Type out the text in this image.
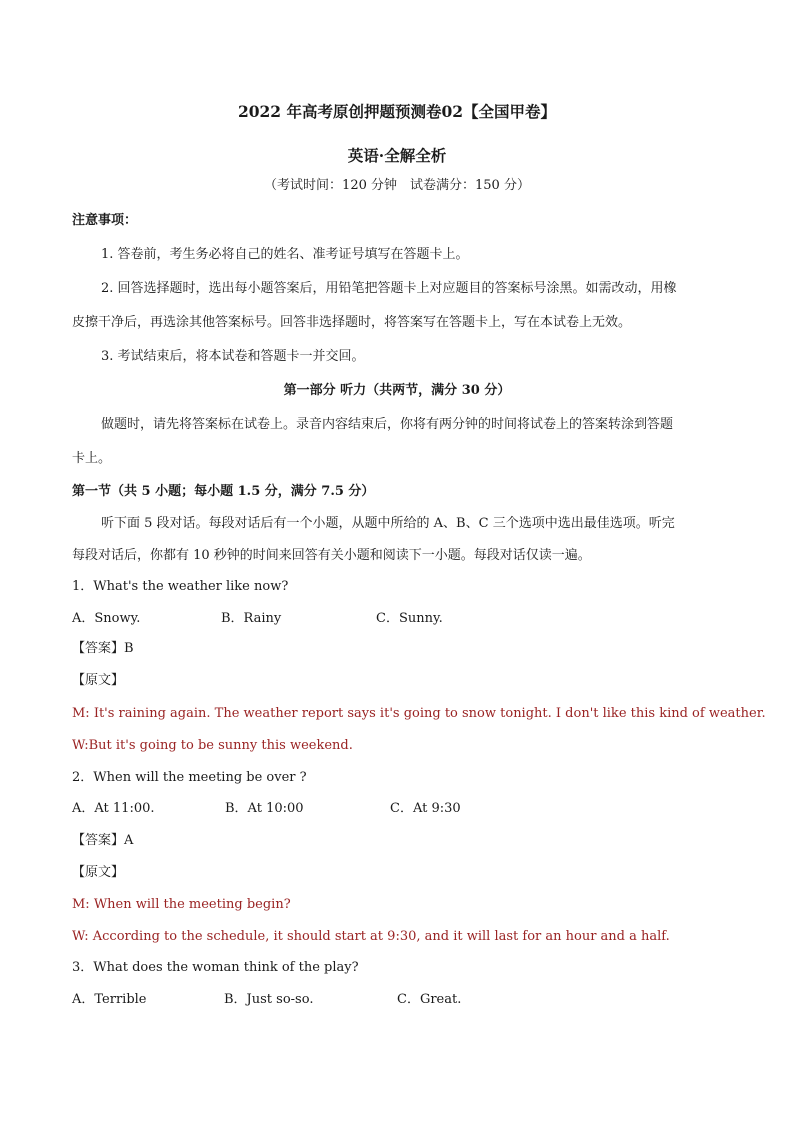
2022 年高考原创押题预测卷02【全国甲卷】
英语·全解全析
（考试时间：120 分钟　试卷满分：150 分）
注意事项：
1. 答卷前，考生务必将自己的姓名、准考证号填写在答题卡上。
2. 回答选择题时，选出每小题答案后，用铅笔把答题卡上对应题目的答案标号涂黑。如需改动，用橡
皮擦干净后，再选涂其他答案标号。回答非选择题时，将答案写在答题卡上，写在本试卷上无效。
3. 考试结束后，将本试卷和答题卡一并交回。
第一部分 听力（共两节，满分 30 分）
做题时，请先将答案标在试卷上。录音内容结束后，你将有两分钟的时间将试卷上的答案转涂到答题
卡上。
第一节（共 5 小题；每小题 1.5 分，满分 7.5 分）
听下面 5 段对话。每段对话后有一个小题，从题中所给的 A、B、C 三个选项中选出最佳选项。听完
每段对话后，你都有 10 秒钟的时间来回答有关小题和阅读下一小题。每段对话仅读一遍。
1．What's the weather like now?
A．Snowy.	B．Rainy	C．Sunny.
【答案】B
【原文】
M: It's raining again. The weather report says it's going to snow tonight. I don't like this kind of weather.
W:But it's going to be sunny this weekend.
2．When will the meeting be over ?
A．At 11:00.	B．At 10:00	C．At 9:30
【答案】A
【原文】
M: When will the meeting begin?
W: According to the schedule, it should start at 9:30, and it will last for an hour and a half.
3．What does the woman think of the play?
A．Terrible	B．Just so-so.	C．Great.
